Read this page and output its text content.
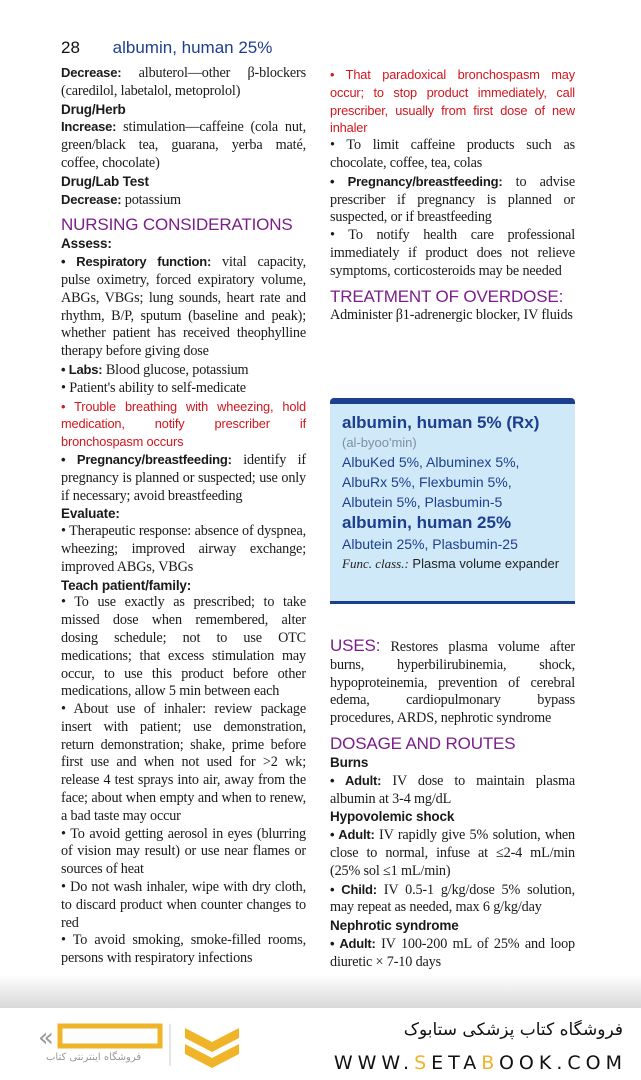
28 albumin, human 25%
Decrease: albuterol—other β-blockers (caredilol, labetalol, metoprolol)
Drug/Herb
Increase: stimulation—caffeine (cola nut, green/black tea, guarana, yerba maté, coffee, chocolate)
Drug/Lab Test
Decrease: potassium
NURSING CONSIDERATIONS
Assess:
• Respiratory function: vital capacity, pulse oximetry, forced expiratory volume, ABGs, VBGs; lung sounds, heart rate and rhythm, B/P, sputum (baseline and peak); whether patient has received theophylline therapy before giving dose
• Labs: Blood glucose, potassium
• Patient's ability to self-medicate
• Trouble breathing with wheezing, hold medication, notify prescriber if bronchospasm occurs
• Pregnancy/breastfeeding: identify if pregnancy is planned or suspected; use only if necessary; avoid breastfeeding
Evaluate:
• Therapeutic response: absence of dyspnea, wheezing; improved airway exchange; improved ABGs, VBGs
Teach patient/family:
• To use exactly as prescribed; to take missed dose when remembered, alter dosing schedule; not to use OTC medications; that excess stimulation may occur, to use this product before other medications, allow 5 min between each
• About use of inhaler: review package insert with patient; use demonstration, return demonstration; shake, prime before first use and when not used for >2 wk; release 4 test sprays into air, away from the face; about when empty and when to renew, a bad taste may occur
• To avoid getting aerosol in eyes (blurring of vision may result) or use near flames or sources of heat
• Do not wash inhaler, wipe with dry cloth, to discard product when counter changes to red
• To avoid smoking, smoke-filled rooms, persons with respiratory infections
• That paradoxical bronchospasm may occur; to stop product immediately, call prescriber, usually from first dose of new inhaler
• To limit caffeine products such as chocolate, coffee, tea, colas
• Pregnancy/breastfeeding: to advise prescriber if pregnancy is planned or suspected, or if breastfeeding
• To notify health care professional immediately if product does not relieve symptoms, corticosteroids may be needed
TREATMENT OF OVERDOSE:
Administer β1-adrenergic blocker, IV fluids
albumin, human 5% (Rx)
(al-byoo'min)
AlbuKed 5%, Albuminex 5%, AlbuRx 5%, Flexbumin 5%, Albutein 5%, Plasbumin-5
albumin, human 25%
Albutein 25%, Plasbumin-25
Func. class.: Plasma volume expander
USES: Restores plasma volume after burns, hyperbilirubinemia, shock, hypoproteinemia, prevention of cerebral edema, cardiopulmonary bypass procedures, ARDS, nephrotic syndrome
DOSAGE AND ROUTES
Burns
• Adult: IV dose to maintain plasma albumin at 3-4 mg/dL
Hypovolemic shock
• Adult: IV rapidly give 5% solution, when close to normal, infuse at ≤2-4 mL/min (25% sol ≤1 mL/min)
• Child: IV 0.5-1 g/kg/dose 5% solution, may repeat as needed, max 6 g/kg/day
Nephrotic syndrome
• Adult: IV 100-200 mL of 25% and loop diuretic × 7-10 days
«
فروشگاه اینترنتی کتاب
فروشگاه کتاب پزشکی ستابوک
WWW.SETABOOK.COM
